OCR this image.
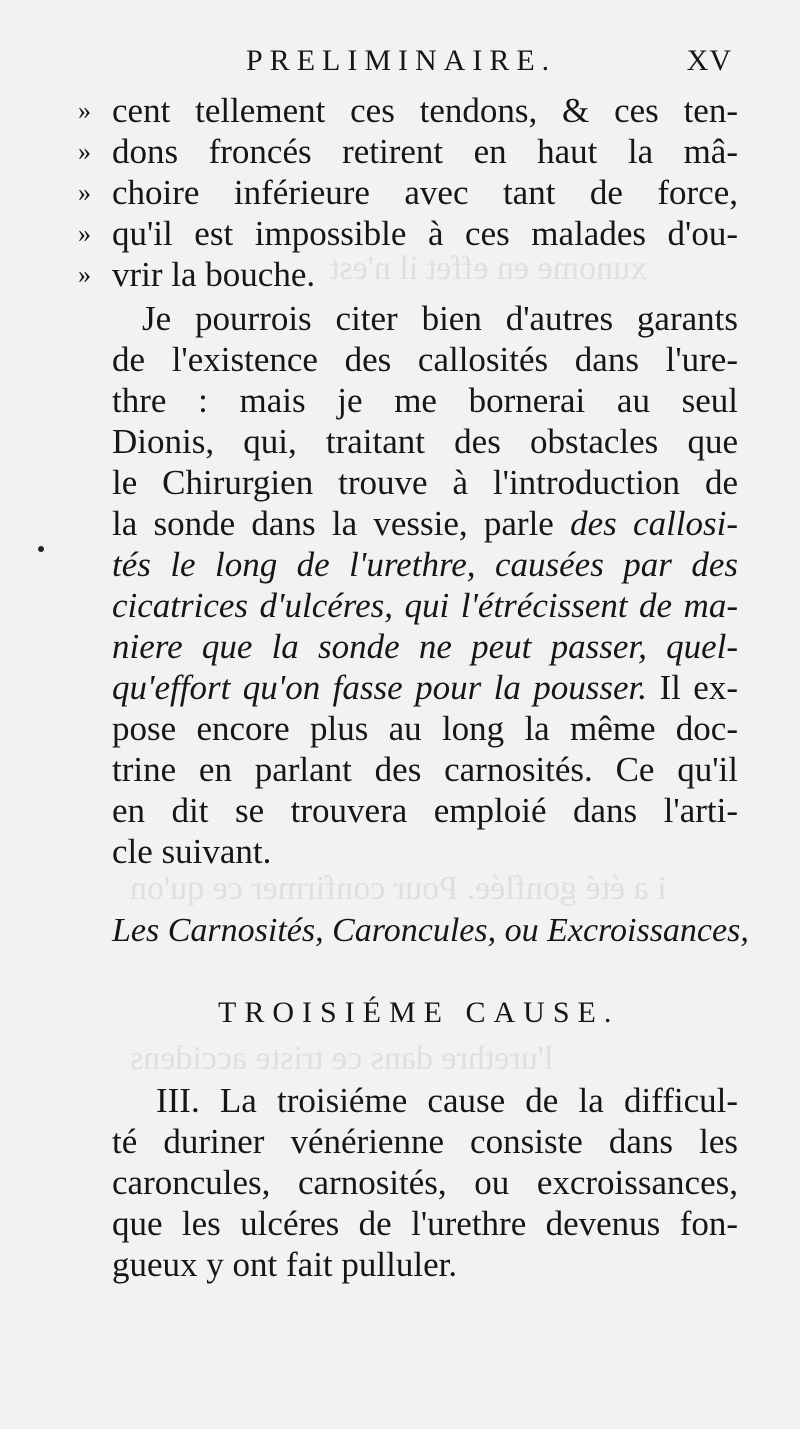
xunome en effet il n'est
i a été gonflée. Pour confirmer ce qu'on
l'urethre dans ce triste accidens
PRELIMINAIRE.	XV
» cent tellement ces tendons, & ces ten-
» dons froncés retirent en haut la mâ-
» choire inférieure avec tant de force,
» qu'il est impossible à ces malades d'ou-
» vrir la bouche.
Je pourrois citer bien d'autres garants
de l'existence des callosités dans l'ure-
thre : mais je me bornerai au seul
Dionis, qui, traitant des obstacles que
le Chirurgien trouve à l'introduction de
la sonde dans la vessie, parle des callosi-
tés le long de l'urethre, causées par des
cicatrices d'ulcéres, qui l'étrécissent de ma-
niere que la sonde ne peut passer, quel-
qu'effort qu'on fasse pour la pousser. Il ex-
pose encore plus au long la même doc-
trine en parlant des carnosités. Ce qu'il
en dit se trouvera emploié dans l'arti-
cle suivant.
Les Carnosités, Caroncules, ou Excroissances,
TROISIÉME CAUSE.
III. La troisiéme cause de la difficul-
té duriner vénérienne consiste dans les
caroncules, carnosités, ou excroissances,
que les ulcéres de l'urethre devenus fon-
gueux y ont fait pulluler.
